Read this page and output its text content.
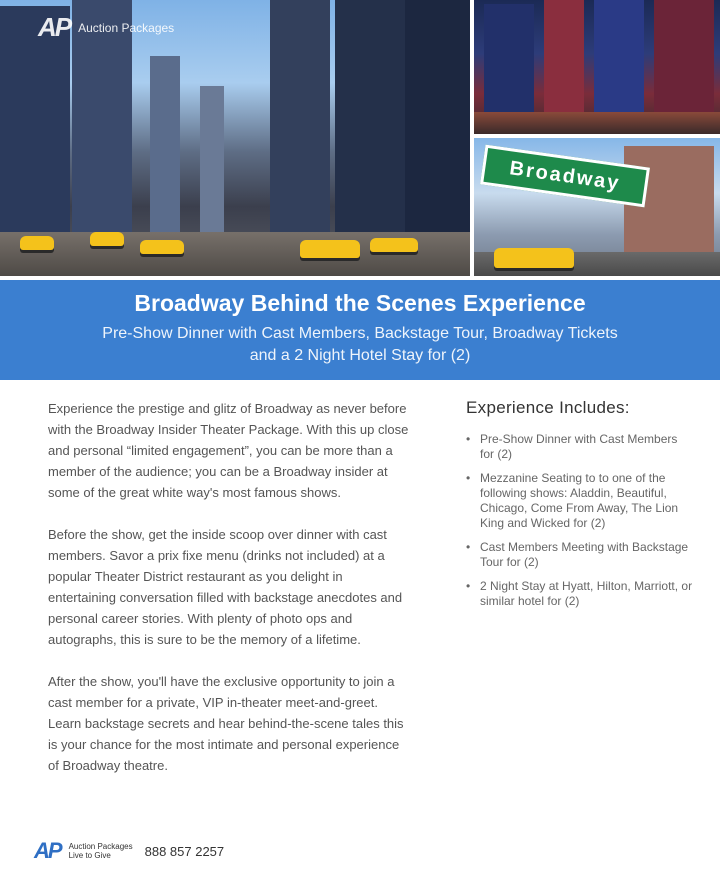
AP Auction Packages
Broadway
Broadway Behind the Scenes Experience
Pre-Show Dinner with Cast Members, Backstage Tour, Broadway Tickets
and a 2 Night Hotel Stay for (2)

Experience the prestige and glitz of Broadway as never before with the Broadway Insider Theater Package. With this up close and personal “limited engagement”, you can be more than a member of the audience; you can be a Broadway insider at some of the great white way's most famous shows.

Before the show, get the inside scoop over dinner with cast members. Savor a prix fixe menu (drinks not included) at a popular Theater District restaurant as you delight in entertaining conversation filled with backstage anecdotes and personal career stories. With plenty of photo ops and autographs, this is sure to be the memory of a lifetime.

After the show, you'll have the exclusive opportunity to join a cast member for a private, VIP in-theater meet-and-greet. Learn backstage secrets and hear behind-the-scene tales this is your chance for the most intimate and personal experience of Broadway theatre.

Experience Includes:
• Pre-Show Dinner with Cast Members for (2)
• Mezzanine Seating to to one of the following shows: Aladdin, Beautiful, Chicago, Come From Away, The Lion King and Wicked for (2)
• Cast Members Meeting with Backstage Tour for (2)
• 2 Night Stay at Hyatt, Hilton, Marriott, or similar hotel for (2)
AP Auction Packages
Live to Give	888 857 2257
